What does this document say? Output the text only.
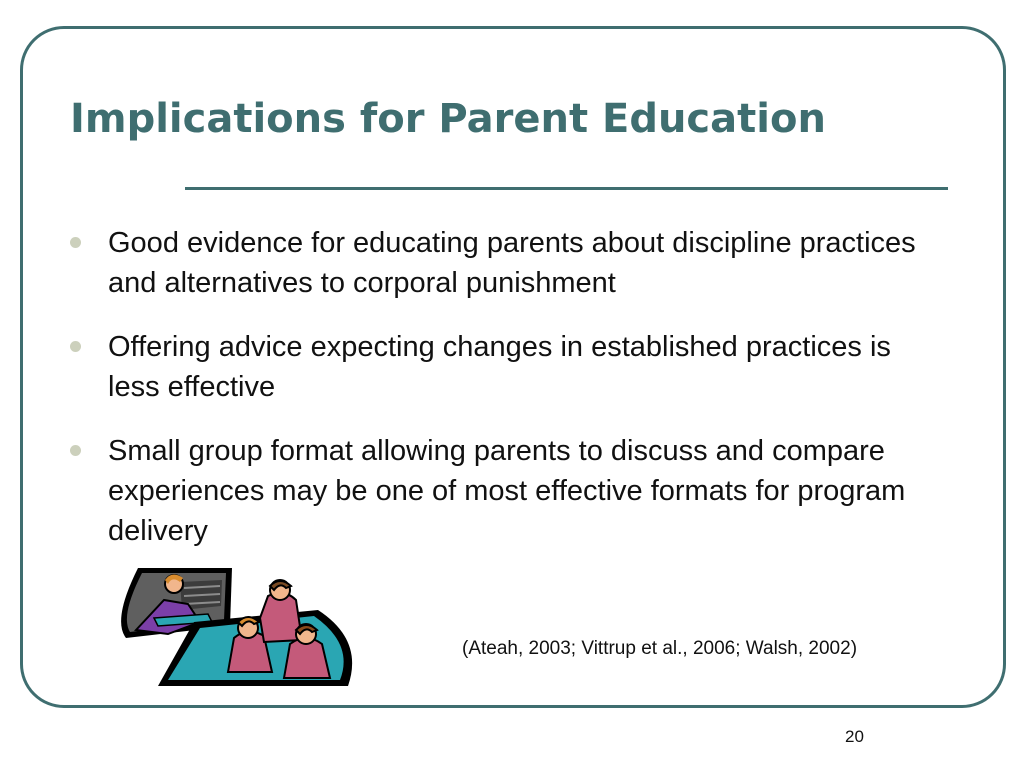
Implications for Parent Education
Good evidence for educating parents about discipline practices and alternatives to corporal punishment
Offering advice expecting changes in established practices is less effective
Small group format allowing parents to discuss and compare experiences may be one of most effective formats for program delivery
(Ateah, 2003; Vittrup et al., 2006; Walsh, 2002)
20
